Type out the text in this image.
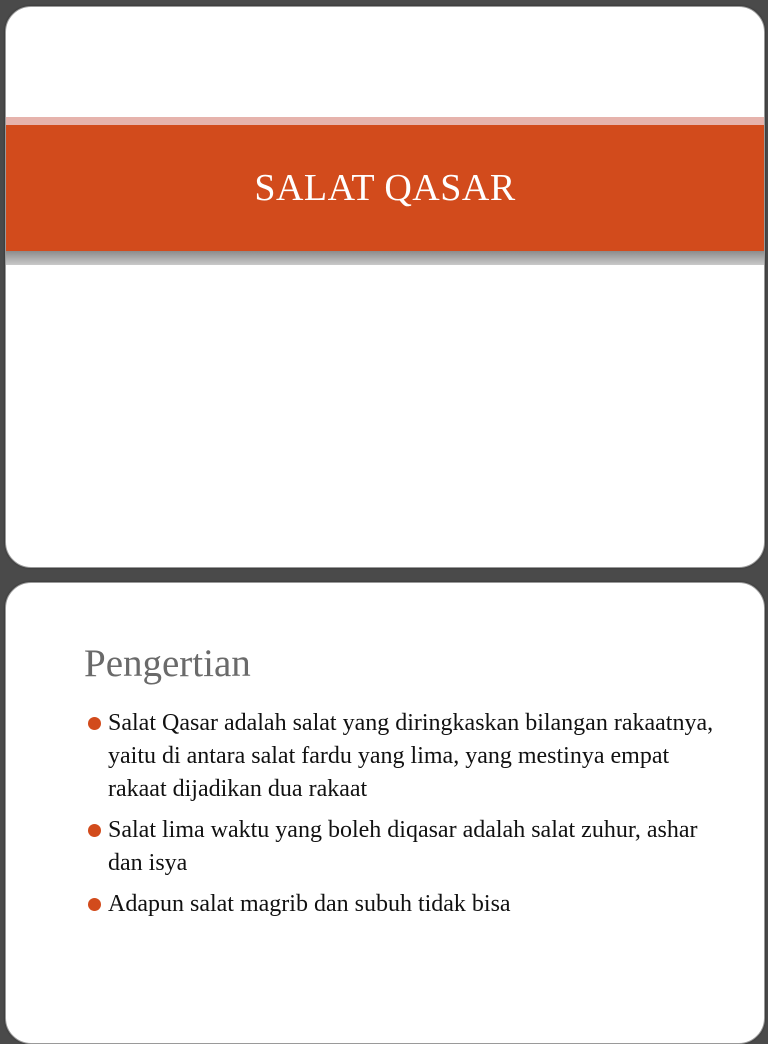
SALAT QASAR
Pengertian
Salat Qasar adalah salat yang diringkaskan bilangan rakaatnya, yaitu di antara salat fardu yang lima, yang mestinya empat rakaat dijadikan dua rakaat
Salat lima waktu yang boleh diqasar adalah salat zuhur, ashar dan isya
Adapun salat magrib dan subuh tidak bisa
